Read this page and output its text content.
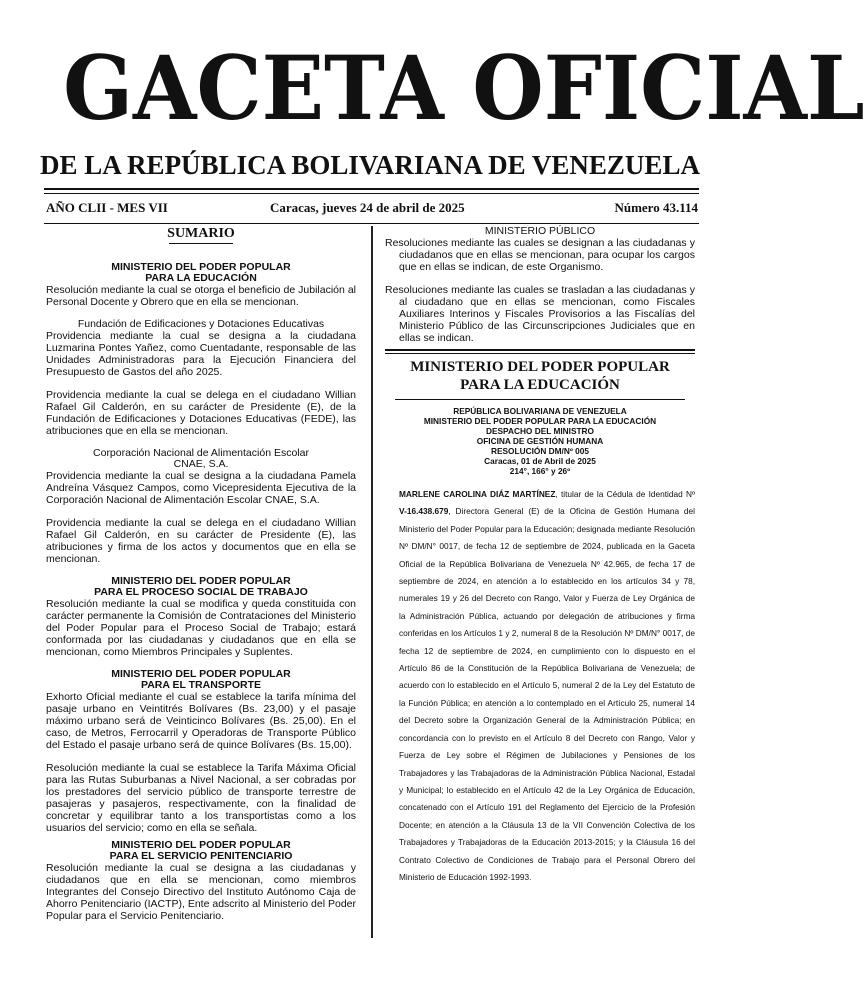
GACETA OFICIAL
DE LA REPÚBLICA BOLIVARIANA DE VENEZUELA
AÑO CLII - MES VII	Caracas, jueves 24 de abril de 2025	Número 43.114
SUMARIO
MINISTERIO DEL PODER POPULAR
PARA LA EDUCACIÓN
Resolución mediante la cual se otorga el beneficio de Jubilación al Personal Docente y Obrero que en ella se mencionan.
Fundación de Edificaciones y Dotaciones Educativas
Providencia mediante la cual se designa a la ciudadana Luzmarina Pontes Yañez, como Cuentadante, responsable de las Unidades Administradoras para la Ejecución Financiera del Presupuesto de Gastos del año 2025.
Providencia mediante la cual se delega en el ciudadano Willian Rafael Gil Calderón, en su carácter de Presidente (E), de la Fundación de Edificaciones y Dotaciones Educativas (FEDE), las atribuciones que en ella se mencionan.
Corporación Nacional de Alimentación Escolar
CNAE, S.A.
Providencia mediante la cual se designa a la ciudadana Pamela Andreína Vásquez Campos, como Vicepresidenta Ejecutiva de la Corporación Nacional de Alimentación Escolar CNAE, S.A.
Providencia mediante la cual se delega en el ciudadano Willian Rafael Gil Calderón, en su carácter de Presidente (E), las atribuciones y firma de los actos y documentos que en ella se mencionan.
MINISTERIO DEL PODER POPULAR
PARA EL PROCESO SOCIAL DE TRABAJO
Resolución mediante la cual se modifica y queda constituida con carácter permanente la Comisión de Contrataciones del Ministerio del Poder Popular para el Proceso Social de Trabajo; estará conformada por las ciudadanas y ciudadanos que en ella se mencionan, como Miembros Principales y Suplentes.
MINISTERIO DEL PODER POPULAR
PARA EL TRANSPORTE
Exhorto Oficial mediante el cual se establece la tarifa mínima del pasaje urbano en Veintitrés Bolívares (Bs. 23,00) y el pasaje máximo urbano será de Veinticinco Bolívares (Bs. 25,00). En el caso, de Metros, Ferrocarril y Operadoras de Transporte Público del Estado el pasaje urbano será de quince Bolívares (Bs. 15,00).
Resolución mediante la cual se establece la Tarifa Máxima Oficial para las Rutas Suburbanas a Nivel Nacional, a ser cobradas por los prestadores del servicio público de transporte terrestre de pasajeras y pasajeros, respectivamente, con la finalidad de concretar y equilibrar tanto a los transportistas como a los usuarios del servicio; como en ella se señala.
MINISTERIO DEL PODER POPULAR
PARA EL SERVICIO PENITENCIARIO
Resolución mediante la cual se designa a las ciudadanas y ciudadanos que en ella se mencionan, como miembros Integrantes del Consejo Directivo del Instituto Autónomo Caja de Ahorro Penitenciario (IACTP), Ente adscrito al Ministerio del Poder Popular para el Servicio Penitenciario.
MINISTERIO PÚBLICO
Resoluciones mediante las cuales se designan a las ciudadanas y ciudadanos que en ellas se mencionan, para ocupar los cargos que en ellas se indican, de este Organismo.
Resoluciones mediante las cuales se trasladan a las ciudadanas y al ciudadano que en ellas se mencionan, como Fiscales Auxiliares Interinos y Fiscales Provisorios a las Fiscalías del Ministerio Público de las Circunscripciones Judiciales que en ellas se indican.
MINISTERIO DEL PODER POPULAR
PARA LA EDUCACIÓN
REPÚBLICA BOLIVARIANA DE VENEZUELA
MINISTERIO DEL PODER POPULAR PARA LA EDUCACIÓN
DESPACHO DEL MINISTRO
OFICINA DE GESTIÓN HUMANA
RESOLUCIÓN DM/Nº 005
Caracas, 01 de Abril de 2025
214°, 166° y 26º
MARLENE CAROLINA DIÁZ MARTÍNEZ, titular de la Cédula de Identidad Nº V-16.438.679, Directora General (E) de la Oficina de Gestión Humana del Ministerio del Poder Popular para la Educación; designada mediante Resolución Nº DM/N° 0017, de fecha 12 de septiembre de 2024, publicada en la Gaceta Oficial de la República Bolivariana de Venezuela Nº 42.965, de fecha 17 de septiembre de 2024, en atención a lo establecido en los artículos 34 y 78, numerales 19 y 26 del Decreto con Rango, Valor y Fuerza de Ley Orgánica de la Administración Pública, actuando por delegación de atribuciones y firma conferidas en los Artículos 1 y 2, numeral 8 de la Resolución Nº DM/N° 0017, de fecha 12 de septiembre de 2024, en cumplimiento con lo dispuesto en el Artículo 86 de la Constitución de la República Bolivariana de Venezuela; de acuerdo con lo establecido en el Artículo 5, numeral 2 de la Ley del Estatuto de la Función Pública; en atención a lo contemplado en el Artículo 25, numeral 14 del Decreto sobre la Organización General de la Administración Pública; en concordancia con lo previsto en el Artículo 8 del Decreto con Rango, Valor y Fuerza de Ley sobre el Régimen de Jubilaciones y Pensiones de los Trabajadores y las Trabajadoras de la Administración Pública Nacional, Estadal y Municipal; lo establecido en el Artículo 42 de la Ley Orgánica de Educación, concatenado con el Artículo 191 del Reglamento del Ejercicio de la Profesión Docente; en atención a la Cláusula 13 de la VII Convención Colectiva de los Trabajadores y Trabajadoras de la Educación 2013-2015; y la Cláusula 16 del Contrato Colectivo de Condiciones de Trabajo para el Personal Obrero del Ministerio de Educación 1992-1993.
